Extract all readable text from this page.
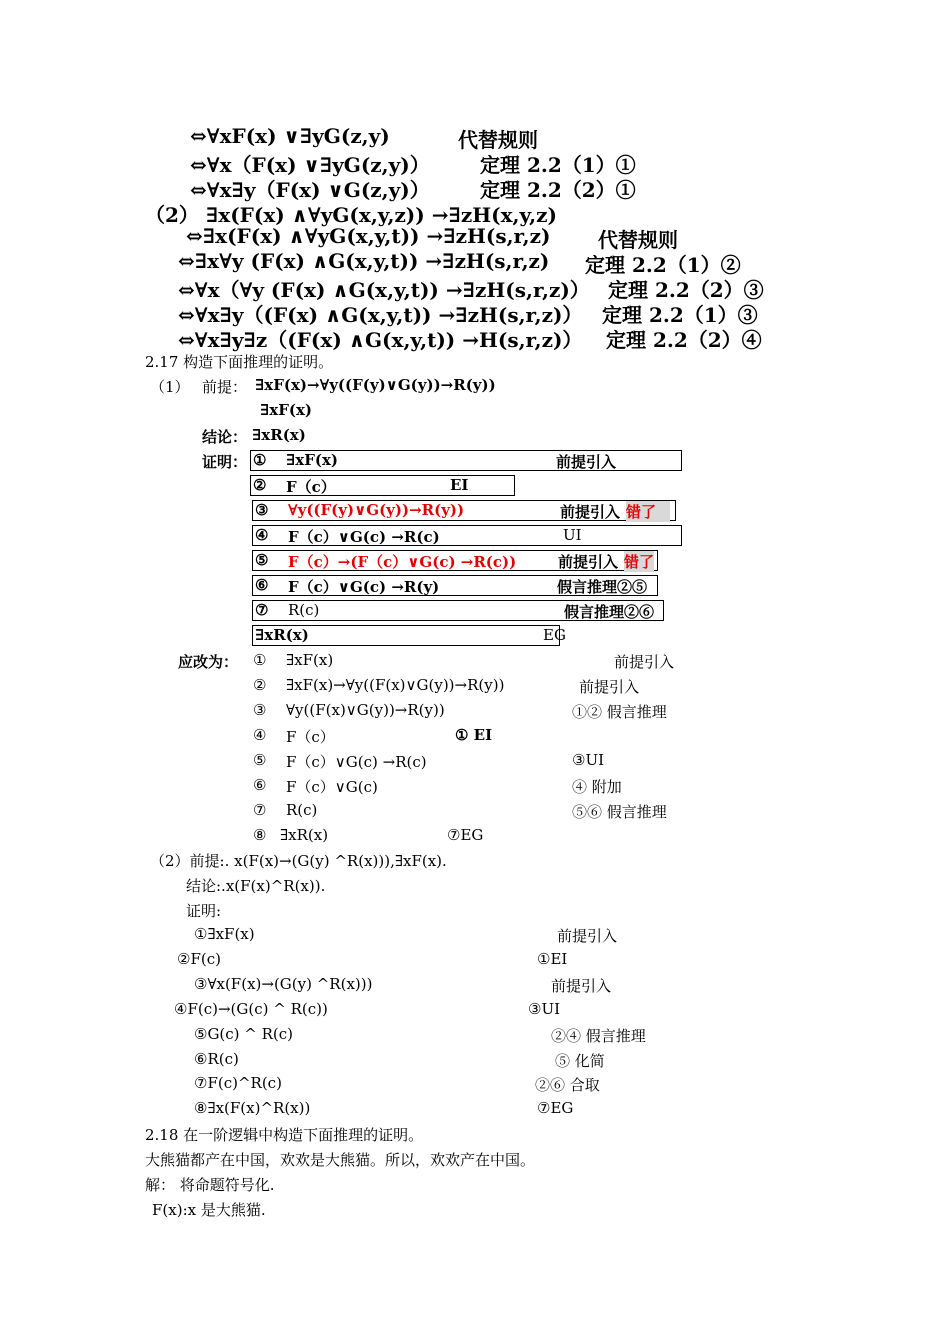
⇔∀xF(x) ∨∃yG(z,y)	代替规则
⇔∀x（F(x) ∨∃yG(z,y)）	定理 2.2（1）①
⇔∀x∃y（F(x) ∨G(z,y)）	定理 2.2（2）①
（2） ∃x(F(x) ∧∀yG(x,y,z)) →∃zH(x,y,z)
⇔∃x(F(x) ∧∀yG(x,y,t)) →∃zH(s,r,z) 代替规则
⇔∃x∀y (F(x) ∧G(x,y,t)) →∃zH(s,r,z) 定理 2.2（1）②
⇔∀x（∀y (F(x) ∧G(x,y,t)) →∃zH(s,r,z)） 定理 2.2（2）③
⇔∀x∃y（(F(x) ∧G(x,y,t)) →∃zH(s,r,z)） 定理 2.2（1）③
⇔∀x∃y∃z（(F(x) ∧G(x,y,t)) →H(s,r,z)） 定理 2.2（2）④
2.17 构造下面推理的证明。
（1） 前提： ∃xF(x)→∀y((F(y)∨G(y))→R(y))
∃xF(x)
结论： ∃xR(x)
证明： ① ∃xF(x)	前提引入
② F（c）	EI
③ ∀y((F(y)∨G(y))→R(y))	前提引入 错了
④ F（c）∨G(c) →R(c)	UI
⑤ F（c）→(F（c）∨G(c) →R(c))	前提引入 错了
⑥ F（c）∨G(c) →R(y)	假言推理②⑤
⑦ R(c)	假言推理②⑥
∃xR(x)	EG
应改为： ① ∃xF(x)	前提引入
② ∃xF(x)→∀y((F(x)∨G(y))→R(y))	前提引入
③ ∀y((F(x)∨G(y))→R(y))	①② 假言推理
④ F（c）	① EI
⑤ F（c）∨G(c) →R(c)	③UI
⑥ F（c）∨G(c)	④ 附加
⑦ R(c)	⑤⑥ 假言推理
⑧ ∃xR(x)	⑦EG
（2）前提:. x(F(x)→(G(y) ^R(x))),∃xF(x).
结论:.x(F(x)^R(x)).
证明:
①∃xF(x)	前提引入
②F(c)	①EI
③∀x(F(x)→(G(y) ^R(x)))	前提引入
④F(c)→(G(c) ^ R(c))	③UI
⑤G(c) ^ R(c)	②④ 假言推理
⑥R(c)	⑤ 化简
⑦F(c)^R(c)	②⑥ 合取
⑧∃x(F(x)^R(x))	⑦EG
2.18 在一阶逻辑中构造下面推理的证明。
大熊猫都产在中国，欢欢是大熊猫。所以，欢欢产在中国。
解： 将命题符号化.
F(x):x 是大熊猫.
